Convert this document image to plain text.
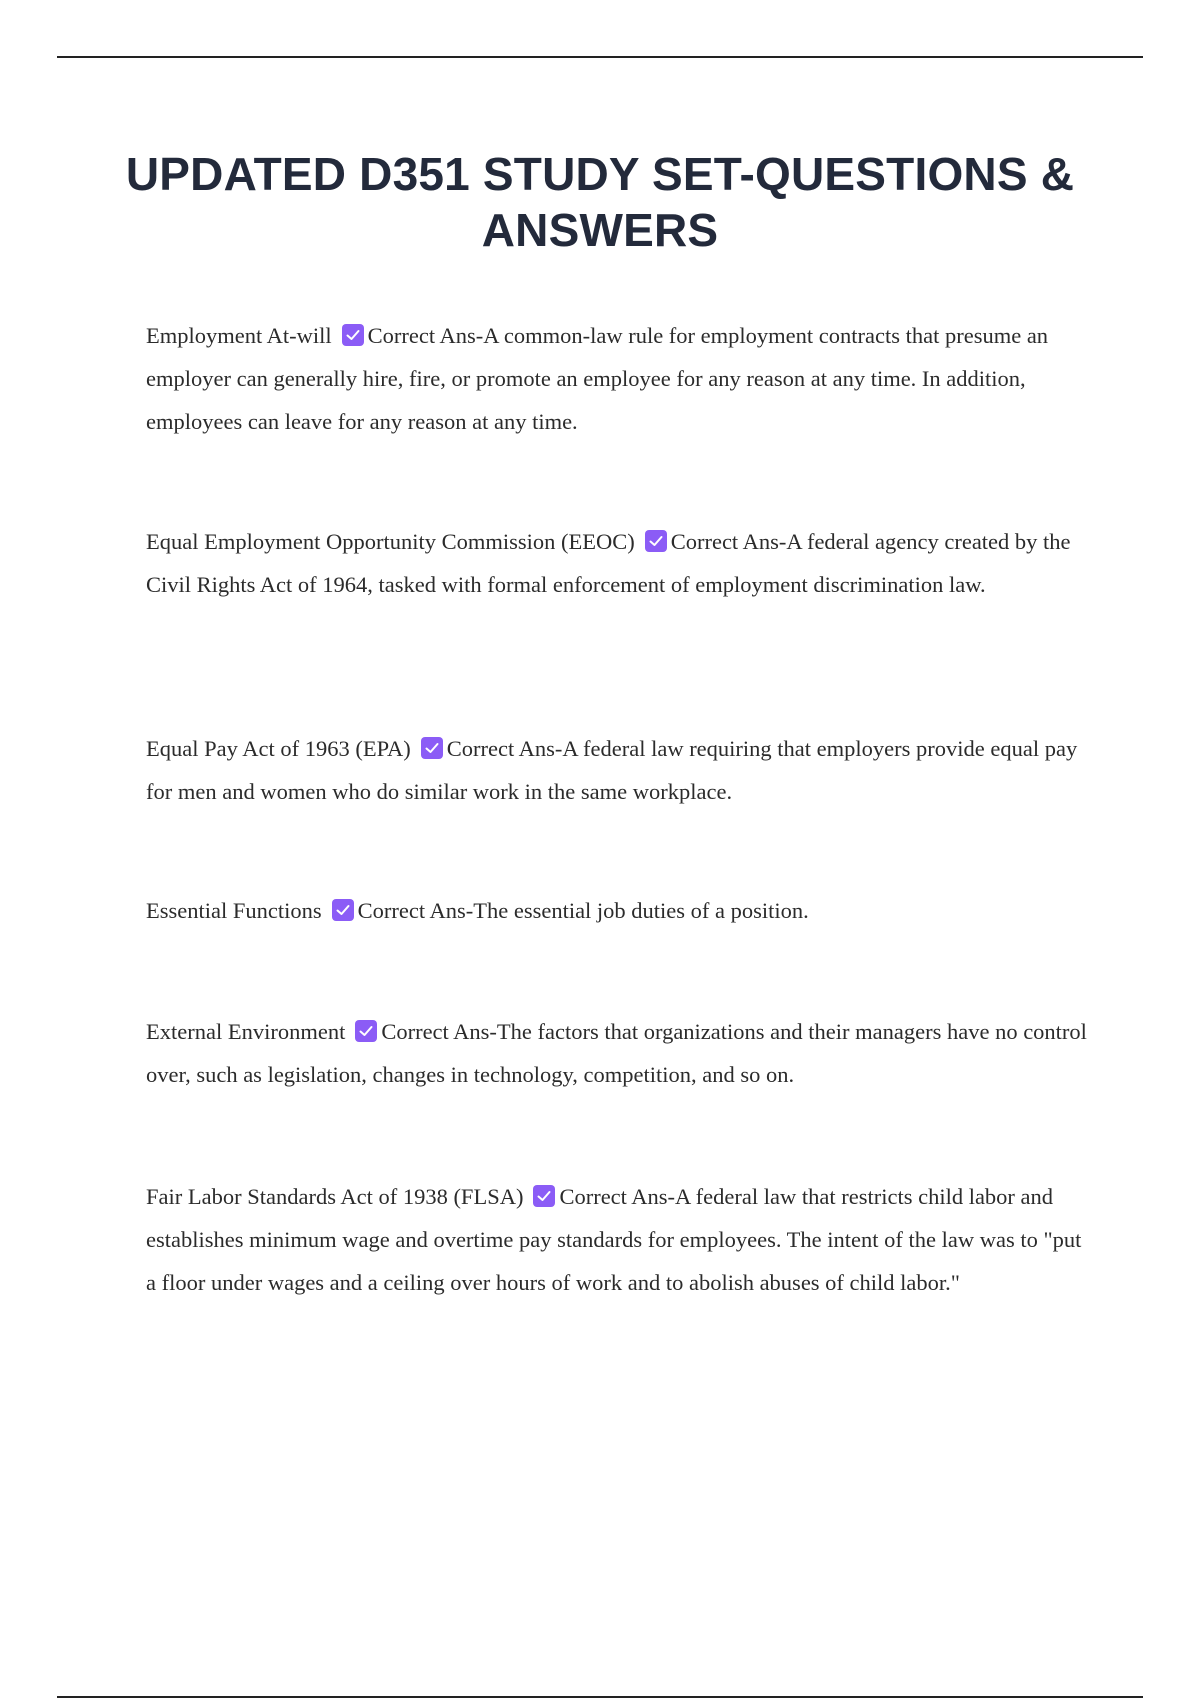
UPDATED D351 STUDY SET-QUESTIONS & ANSWERS

Employment At-will Correct Ans-A common-law rule for employment contracts that presume an employer can generally hire, fire, or promote an employee for any reason at any time. In addition, employees can leave for any reason at any time.

Equal Employment Opportunity Commission (EEOC) Correct Ans-A federal agency created by the Civil Rights Act of 1964, tasked with formal enforcement of employment discrimination law.

Equal Pay Act of 1963 (EPA) Correct Ans-A federal law requiring that employers provide equal pay for men and women who do similar work in the same workplace.

Essential Functions Correct Ans-The essential job duties of a position.

External Environment Correct Ans-The factors that organizations and their managers have no control over, such as legislation, changes in technology, competition, and so on.

Fair Labor Standards Act of 1938 (FLSA) Correct Ans-A federal law that restricts child labor and establishes minimum wage and overtime pay standards for employees. The intent of the law was to "put a floor under wages and a ceiling over hours of work and to abolish abuses of child labor."
